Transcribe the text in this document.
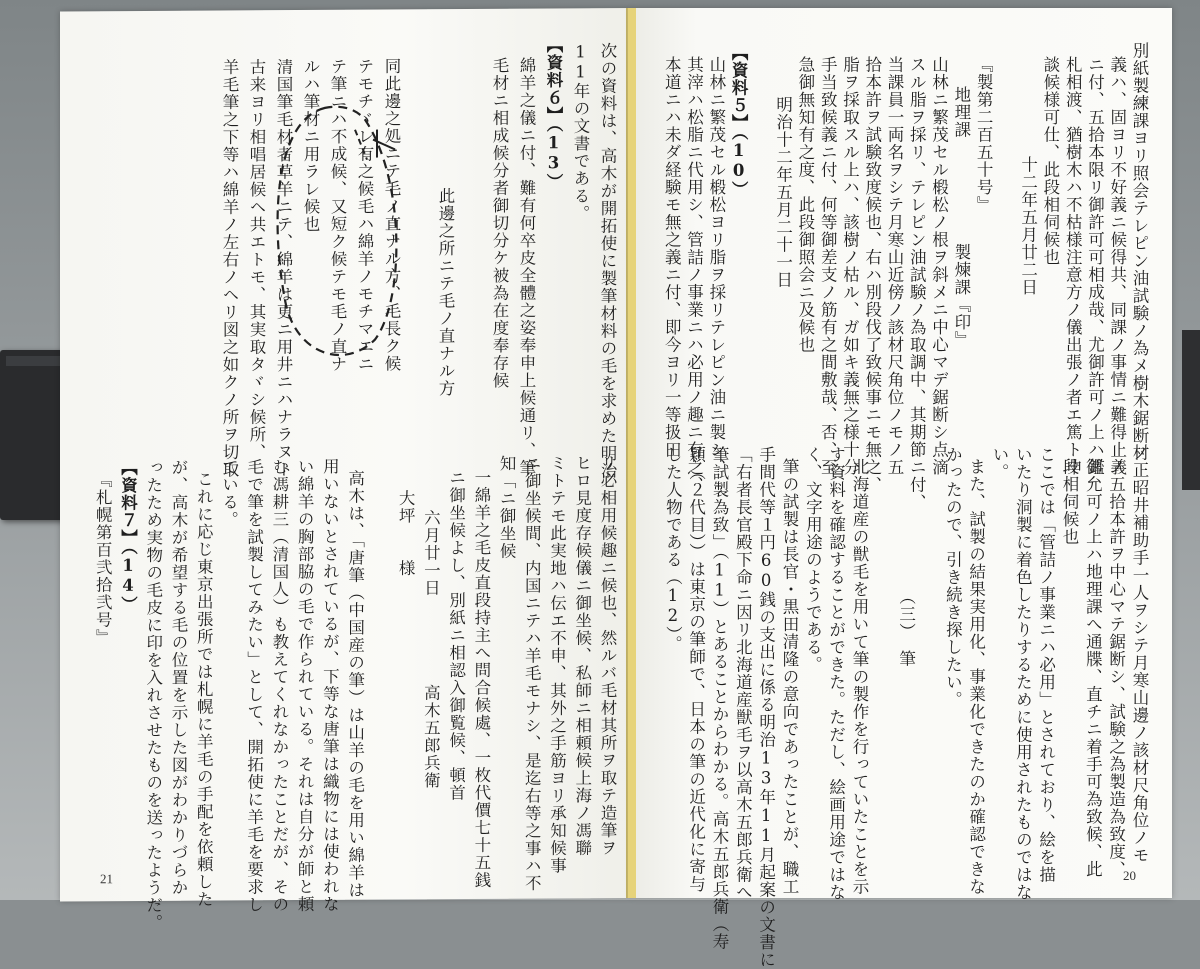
次の資料は、高木が開拓使に製筆材料の毛を求めた明治
11年の文書である。
【資料６】（13）
綿羊之儀ニ付、難有何卒皮全體之姿奉申上候通リ、筆
毛材ニ相成候分者御切分ケ被為在度奉存候
此邊之所ニテ毛ノ直ナル方
同此邊之処ニテ毛ノ直ナル方、毛長ク候
テモチヾレ有之候毛ハ綿羊ノモチマエニ
テ筆ニハ不成候、又短ク候テモ毛ノ直ナ
ルハ筆材ニ用ラレ候也
清国筆毛材者草羊ニテ、綿羊は更ニ用井ニハナラヌト
古来ヨリ相唱居候ヘ共エトモ、其実取タヾシ候所、
羊毛筆之下等ハ綿羊ノ左右ノヘリ図之如クノ所ヲ切取
リ必相用候趣ニ候也、然ルバ毛材其所ヲ取テ造筆ヲ
ヒロ見度存候儀ニ御坐候、私師ニ相頼候上海ノ馮聯
ミトテモ此実地ハ伝エ不申、其外之手筋ヨリ承知候事
ニ御坐候間、内国ニテハ羊毛モナシ、是迄右等之事ハ不
知「ニ御坐候
一綿羊之毛皮直段持主へ問合候處、一枚代價七十五銭
ニ御坐候よし、別紙ニ相認入御覧候、頓首
六月廿一日　　　　　高木五郎兵衛
大坪　　様
高木は、「唐筆（中国産の筆）は山羊の毛を用い綿羊は
用いないとされているが、下等な唐筆は織物には使われな
い綿羊の胸部脇の毛で作られている。それは自分が師と頼
む馮耕三（清国人）も教えてくれなかったことだが、その
毛で筆を試製してみたい」として、開拓使に羊毛を要求し
ている。
これに応じ東京出張所では札幌に羊毛の手配を依頼した
が、高木が希望する毛の位置を示した図がわかりづらか
ったため実物の毛皮に印を入れさせたものを送ったようだ。
【資料７】（14）
『札幌第百弐拾弐号』
21
別紙製練課ヨリ照会テレピン油試験ノ為メ樹木鋸断ノ
義ハ、固ヨリ不好義ニ候得共、同課ノ事情ニ難得止義
ニ付、五拾本限リ御許可可相成哉、尤御許可ノ上ハ鑑
札相渡、猶樹木ハ不枯様注意方ノ儀出張ノ者エ篤ト申
談候様可仕、此段相伺候也
十二年五月廿二日
『製第二百五十号』
地理課　　　　　　製煉課『印』
山林ニ繁茂セル椴松ノ根ヲ斜メニ中心マデ鋸断シ点滴
スル脂ヲ採リ、テレピン油試験ノ為取調中、其期節ニ付、
当課員一両名ヲシテ月寒山近傍ノ該材尺角位ノモノ五
拾本許ヲ試験致度候也、右ハ別段伐了致候事ニモ無之、
脂ヲ採取スル上ハ、該樹ノ枯ル、ガ如キ義無之様十分
手当致候義ニ付、何等御差支ノ筋有之間敷哉、否、至
急御無知有之度、此段御照会ニ及候也
明治十二年五月二十一日
【資料５】（10）
山林ニ繁茂セル椴松ヨリ脂ヲ採リテレピン油ニ製シ、
其滓ハ松脂ニ代用シ、管詰ノ事業ニハ必用ノ趣ニ有之、
本道ニハ未ダ経験モ無之義ニ付、即今ヨリ一等扱田
村正昭井補助手一人ヲシテ月寒山邊ノ該材尺角位ノモ
ノ五拾本許ヲ中心マテ鋸断シ、試験之為製造為致度、
御允可ノ上ハ地理課へ通牒、直チニ着手可為致候、此
段相伺候也
ここでは「管詰ノ事業ニハ必用」とされており、絵を描
いたり洞製に着色したりするために使用されたものではな
い。
また、試製の結果実用化、事業化できたのか確認できな
かったので、引き続き探したい。
（三）　筆
北海道産の獣毛を用いて筆の製作を行っていたことを示
す資料を確認することができた。ただし、絵画用途ではな
く、文字用途のようである。
筆の試製は長官・黒田清隆の意向であったことが、職工
手間代等１円60銭の支出に係る明治13年11月起案の文書に
「右者長官殿下命ニ因リ北海道産獣毛ヲ以高木五郎兵衛へ
筆試製為致」（11）とあることからわかる。高木五郎兵衛（寿
穎（２代目））は東京の筆師で、日本の筆の近代化に寄与
した人物である（12）。
20
